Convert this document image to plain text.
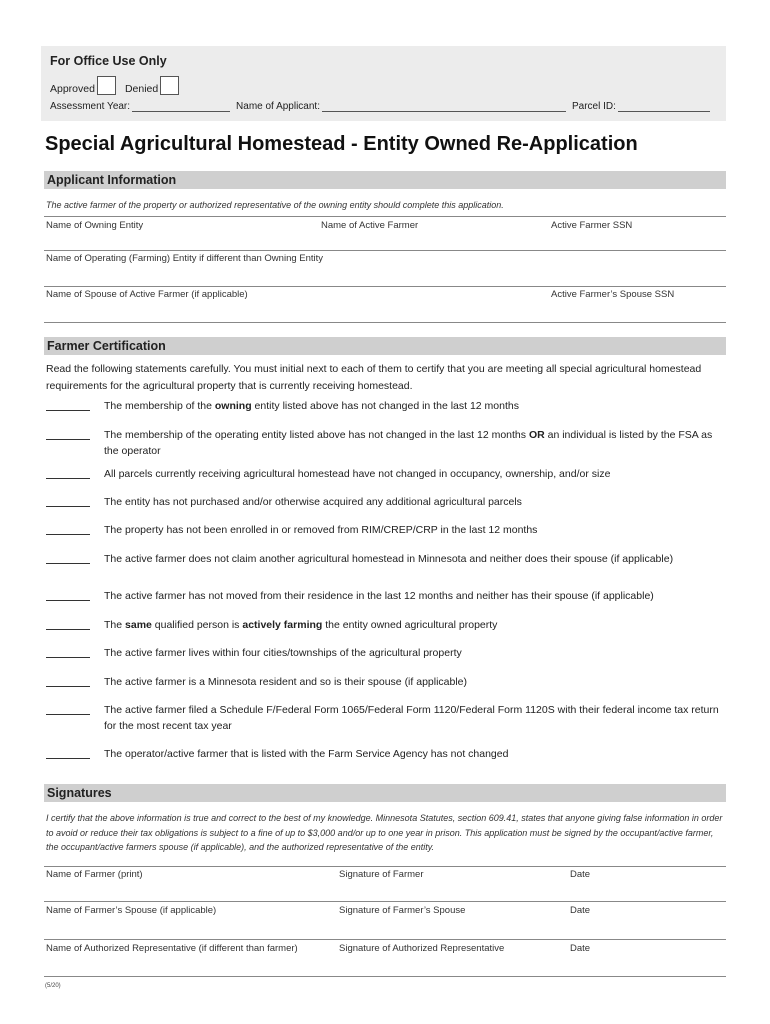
For Office Use Only
Approved	Denied
Assessment Year:	Name of Applicant:	Parcel ID:
Special Agricultural Homestead - Entity Owned Re-Application
Applicant Information
The active farmer of the property or authorized representative of the owning entity should complete this application.
Name of Owning Entity	Name of Active Farmer	Active Farmer SSN
Name of Operating (Farming) Entity if different than Owning Entity
Name of Spouse of Active Farmer (if applicable)	Active Farmer’s Spouse SSN
Farmer Certification
Read the following statements carefully. You must initial next to each of them to certify that you are meeting all special agricultural homestead requirements for the agricultural property that is currently receiving homestead.
The membership of the owning entity listed above has not changed in the last 12 months
The membership of the operating entity listed above has not changed in the last 12 months OR an individual is listed by the FSA as the operator
All parcels currently receiving agricultural homestead have not changed in occupancy, ownership, and/or size
The entity has not purchased and/or otherwise acquired any additional agricultural parcels
The property has not been enrolled in or removed from RIM/CREP/CRP in the last 12 months
The active farmer does not claim another agricultural homestead in Minnesota and neither does their spouse (if applicable)
The active farmer has not moved from their residence in the last 12 months and neither has their spouse (if applicable)
The same qualified person is actively farming the entity owned agricultural property
The active farmer lives within four cities/townships of the agricultural property
The active farmer is a Minnesota resident and so is their spouse (if applicable)
The active farmer filed a Schedule F/Federal Form 1065/Federal Form 1120/Federal Form 1120S with their federal income tax return for the most recent tax year
The operator/active farmer that is listed with the Farm Service Agency has not changed
Signatures
I certify that the above information is true and correct to the best of my knowledge. Minnesota Statutes, section 609.41, states that anyone giving false information in order to avoid or reduce their tax obligations is subject to a fine of up to $3,000 and/or up to one year in prison. This application must be signed by the occupant/active farmer, the occupant/active farmers spouse (if applicable), and the authorized representative of the entity.
Name of Farmer (print)	Signature of Farmer	Date
Name of Farmer’s Spouse (if applicable)	Signature of Farmer’s Spouse	Date
Name of Authorized Representative (if different than farmer)	Signature of Authorized Representative	Date
(5/20)
